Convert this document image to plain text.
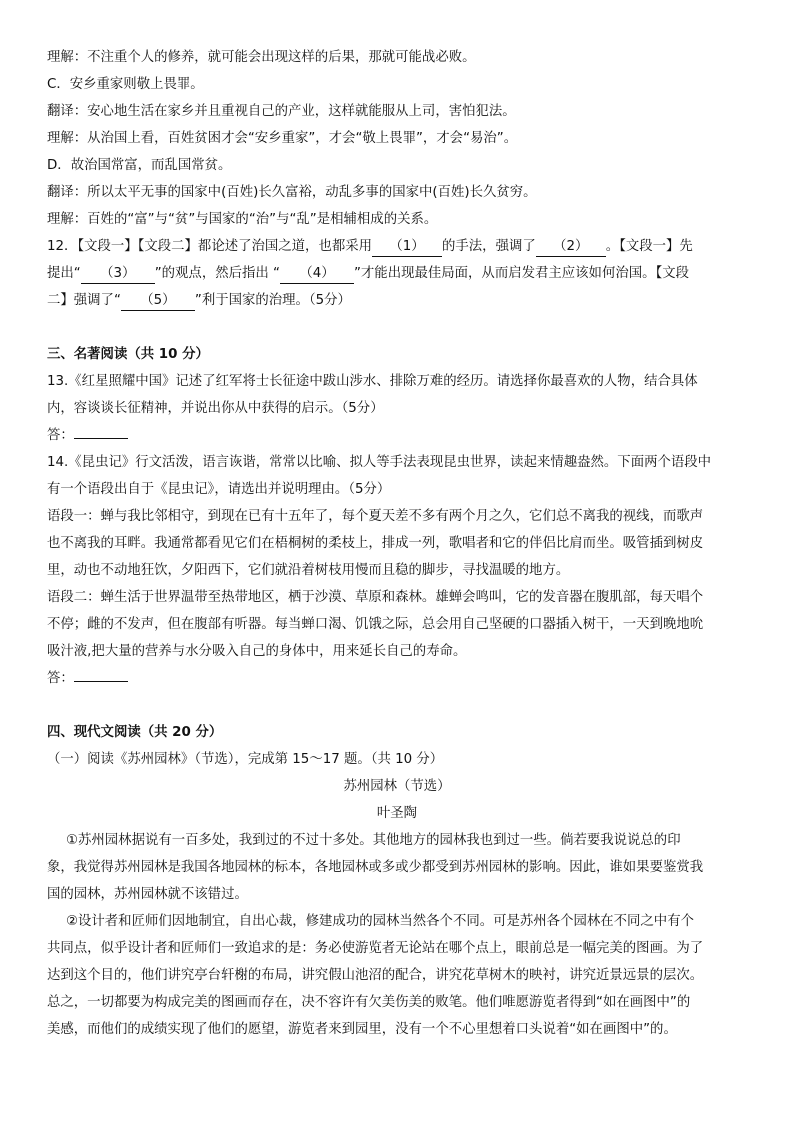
理解：不注重个人的修养，就可能会出现这样的后果，那就可能战必败。
C．安乡重家则敬上畏罪。
翻译：安心地生活在家乡并且重视自己的产业，这样就能服从上司，害怕犯法。
理解：从治国上看，百姓贫困才会“安乡重家”，才会“敬上畏罪”，才会“易治”。
D．故治国常富，而乱国常贫。
翻译：所以太平无事的国家中(百姓)长久富裕，动乱多事的国家中(百姓)长久贫穷。
理解：百姓的“富”与“贫”与国家的“治”与“乱”是相辅相成的关系。
12．【文段一】【文段二】都论述了治国之道，也都采用 （1） 的手法，强调了 （2） 。【文段一】先
提出“ （3） ”的观点，然后指出 “ （4） ”才能出现最佳局面，从而启发君主应该如何治国。【文段
二】强调了“ （5） ”利于国家的治理。（5分）
三、名著阅读（共 10 分）
13.《红星照耀中国》记述了红军将士长征途中跋山涉水、排除万难的经历。请选择你最喜欢的人物，结合具体
内，容谈谈长征精神，并说出你从中获得的启示。（5分）
答：
14.《昆虫记》行文活泼，语言诙谐，常常以比喻、拟人等手法表现昆虫世界，读起来情趣盎然。下面两个语段中
有一个语段出自于《昆虫记》，请选出并说明理由。（5分）
语段一：蝉与我比邻相守，到现在已有十五年了，每个夏天差不多有两个月之久，它们总不离我的视线，而歌声
也不离我的耳畔。我通常都看见它们在梧桐树的柔枝上，排成一列，歌唱者和它的伴侣比肩而坐。吸管插到树皮
里，动也不动地狂饮，夕阳西下，它们就沿着树枝用慢而且稳的脚步，寻找温暖的地方。
语段二：蝉生活于世界温带至热带地区，栖于沙漠、草原和森林。雄蝉会鸣叫，它的发音器在腹肌部，每天唱个
不停；雌的不发声，但在腹部有听器。每当蝉口渴、饥饿之际，总会用自己坚硬的口器插入树干，一天到晚地吮
吸汁液,把大量的营养与水分吸入自己的身体中，用来延长自己的寿命。
答：
四、现代文阅读（共 20 分）
（一）阅读《苏州园林》（节选），完成第 15～17 题。（共 10 分）
苏州园林（节选）
叶圣陶
①苏州园林据说有一百多处，我到过的不过十多处。其他地方的园林我也到过一些。倘若要我说说总的印
象，我觉得苏州园林是我国各地园林的标本，各地园林或多或少都受到苏州园林的影响。因此，谁如果要鉴赏我
国的园林，苏州园林就不该错过。
②设计者和匠师们因地制宜，自出心裁，修建成功的园林当然各个不同。可是苏州各个园林在不同之中有个
共同点，似乎设计者和匠师们一致追求的是：务必使游览者无论站在哪个点上，眼前总是一幅完美的图画。为了
达到这个目的，他们讲究亭台轩榭的布局，讲究假山池沼的配合，讲究花草树木的映衬，讲究近景远景的层次。
总之，一切都要为构成完美的图画而存在，决不容许有欠美伤美的败笔。他们唯愿游览者得到“如在画图中”的
美感，而他们的成绩实现了他们的愿望，游览者来到园里，没有一个不心里想着口头说着“如在画图中”的。
